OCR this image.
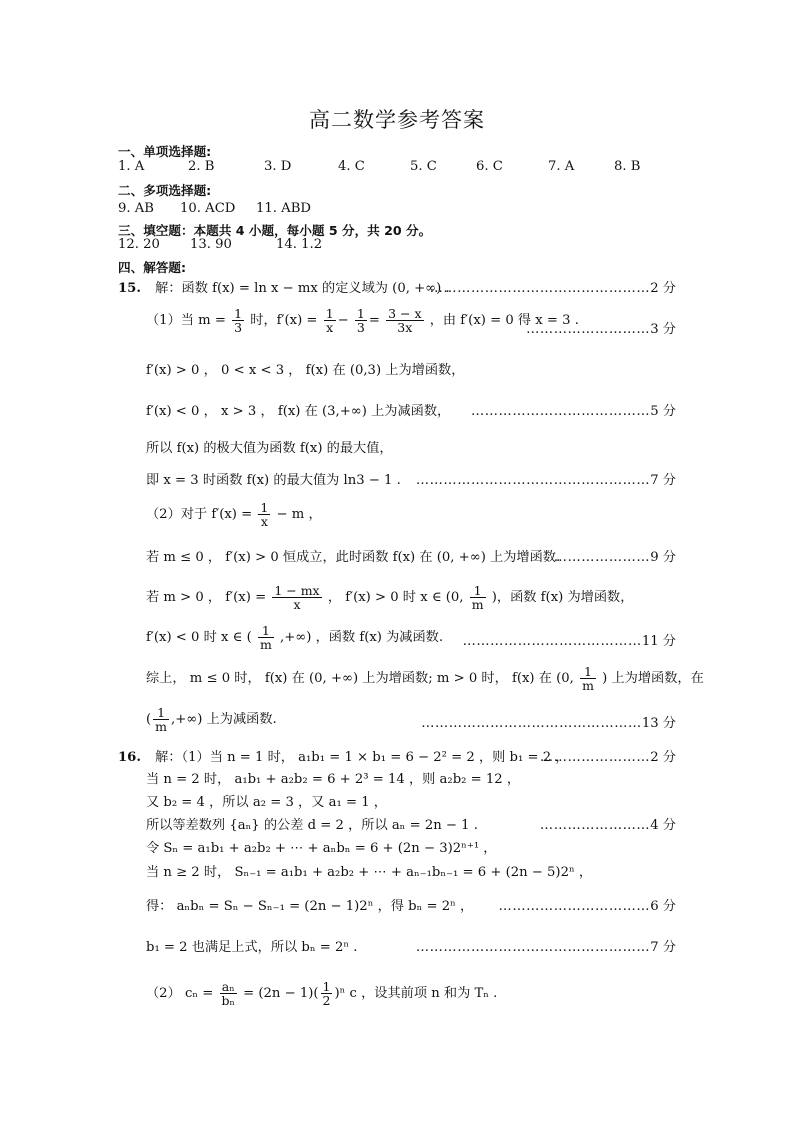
高二数学参考答案
一、单项选择题:
1. A	2. B	3. D	4. C	5. C	6. C	7. A	8. B
二、多项选择题:
9. AB 10. ACD 11. ABD
三、填空题：本题共 4 小题，每小题 5 分，共 20 分。
12. 20 13. 90	14. 1.2
四、解答题:
15. 解：函数 f(x) = ln x − mx 的定义域为 (0, +∞) .
…………………………………………2 分
（1）当 $m = \frac{1}{3}$ 时，$f'(x) = \frac{1}{x} - \frac{1}{3} = \frac{3 - x}{3x}$ ，由 f′(x) = 0 得 x = 3 .
………………………3 分
f′(x) > 0 ， 0 < x < 3 ， f(x) 在 (0,3) 上为增函数，
f′(x) < 0 ， x > 3 ， f(x) 在 (3,+∞) 上为减函数， …………………………………5 分
所以 f(x) 的极大值为函数 f(x) 的最大值，
即 x = 3 时函数 f(x) 的最大值为 ln3 − 1 . ……………………………………………7 分
（2）对于 $f'(x) = \frac{1}{x} - m$ ，
若 m ≤ 0 ， f′(x) > 0 恒成立，此时函数 f(x) 在 (0, +∞) 上为增函数.
…………………9 分
若 m > 0 ， $f'(x) = \frac{1 - mx}{x}$ ， f′(x) > 0 时 x ∈ (0, $\frac{1}{m}$ )，函数 f(x) 为增函数，
f′(x) < 0 时 x ∈ ( $\frac{1}{m}$ ,+∞) ，函数 f(x) 为减函数. …………………………………11 分
综上， m ≤ 0 时， f(x) 在 (0, +∞) 上为增函数; m > 0 时， f(x) 在 (0, $\frac{1}{m}$ ) 上为增函数，在
( $\frac{1}{m}$ ,+∞) 上为减函数.	…………………………………………13 分
16. 解：（1）当 n = 1 时， a₁b₁ = 1 × b₁ = 6 − 2² = 2 ，则 b₁ = 2 ，
……………………2 分
当 n = 2 时， a₁b₁ + a₂b₂ = 6 + 2³ = 14 ，则 a₂b₂ = 12 ，
又 b₂ = 4 ，所以 a₂ = 3 ，又 a₁ = 1 ，
所以等差数列 {aₙ} 的公差 d = 2 ，所以 aₙ = 2n − 1 .	……………………4 分
令 Sₙ = a₁b₁ + a₂b₂ + ⋯ + aₙbₙ = 6 + (2n − 3)2ⁿ⁺¹ ，
当 n ≥ 2 时， Sₙ₋₁ = a₁b₁ + a₂b₂ + ⋯ + aₙ₋₁bₙ₋₁ = 6 + (2n − 5)2ⁿ ，
得： aₙbₙ = Sₙ − Sₙ₋₁ = (2n − 1)2ⁿ ，得 bₙ = 2ⁿ ， ……………………………6 分
b₁ = 2 也满足上式，所以 bₙ = 2ⁿ .	……………………………………………7 分
（2） $c_n = \frac{\text{aₙ}}{\text{bₙ}} = (2n - 1)( \frac{1}{2} )^n$ c ，设其前项 n 和为 Tₙ .
